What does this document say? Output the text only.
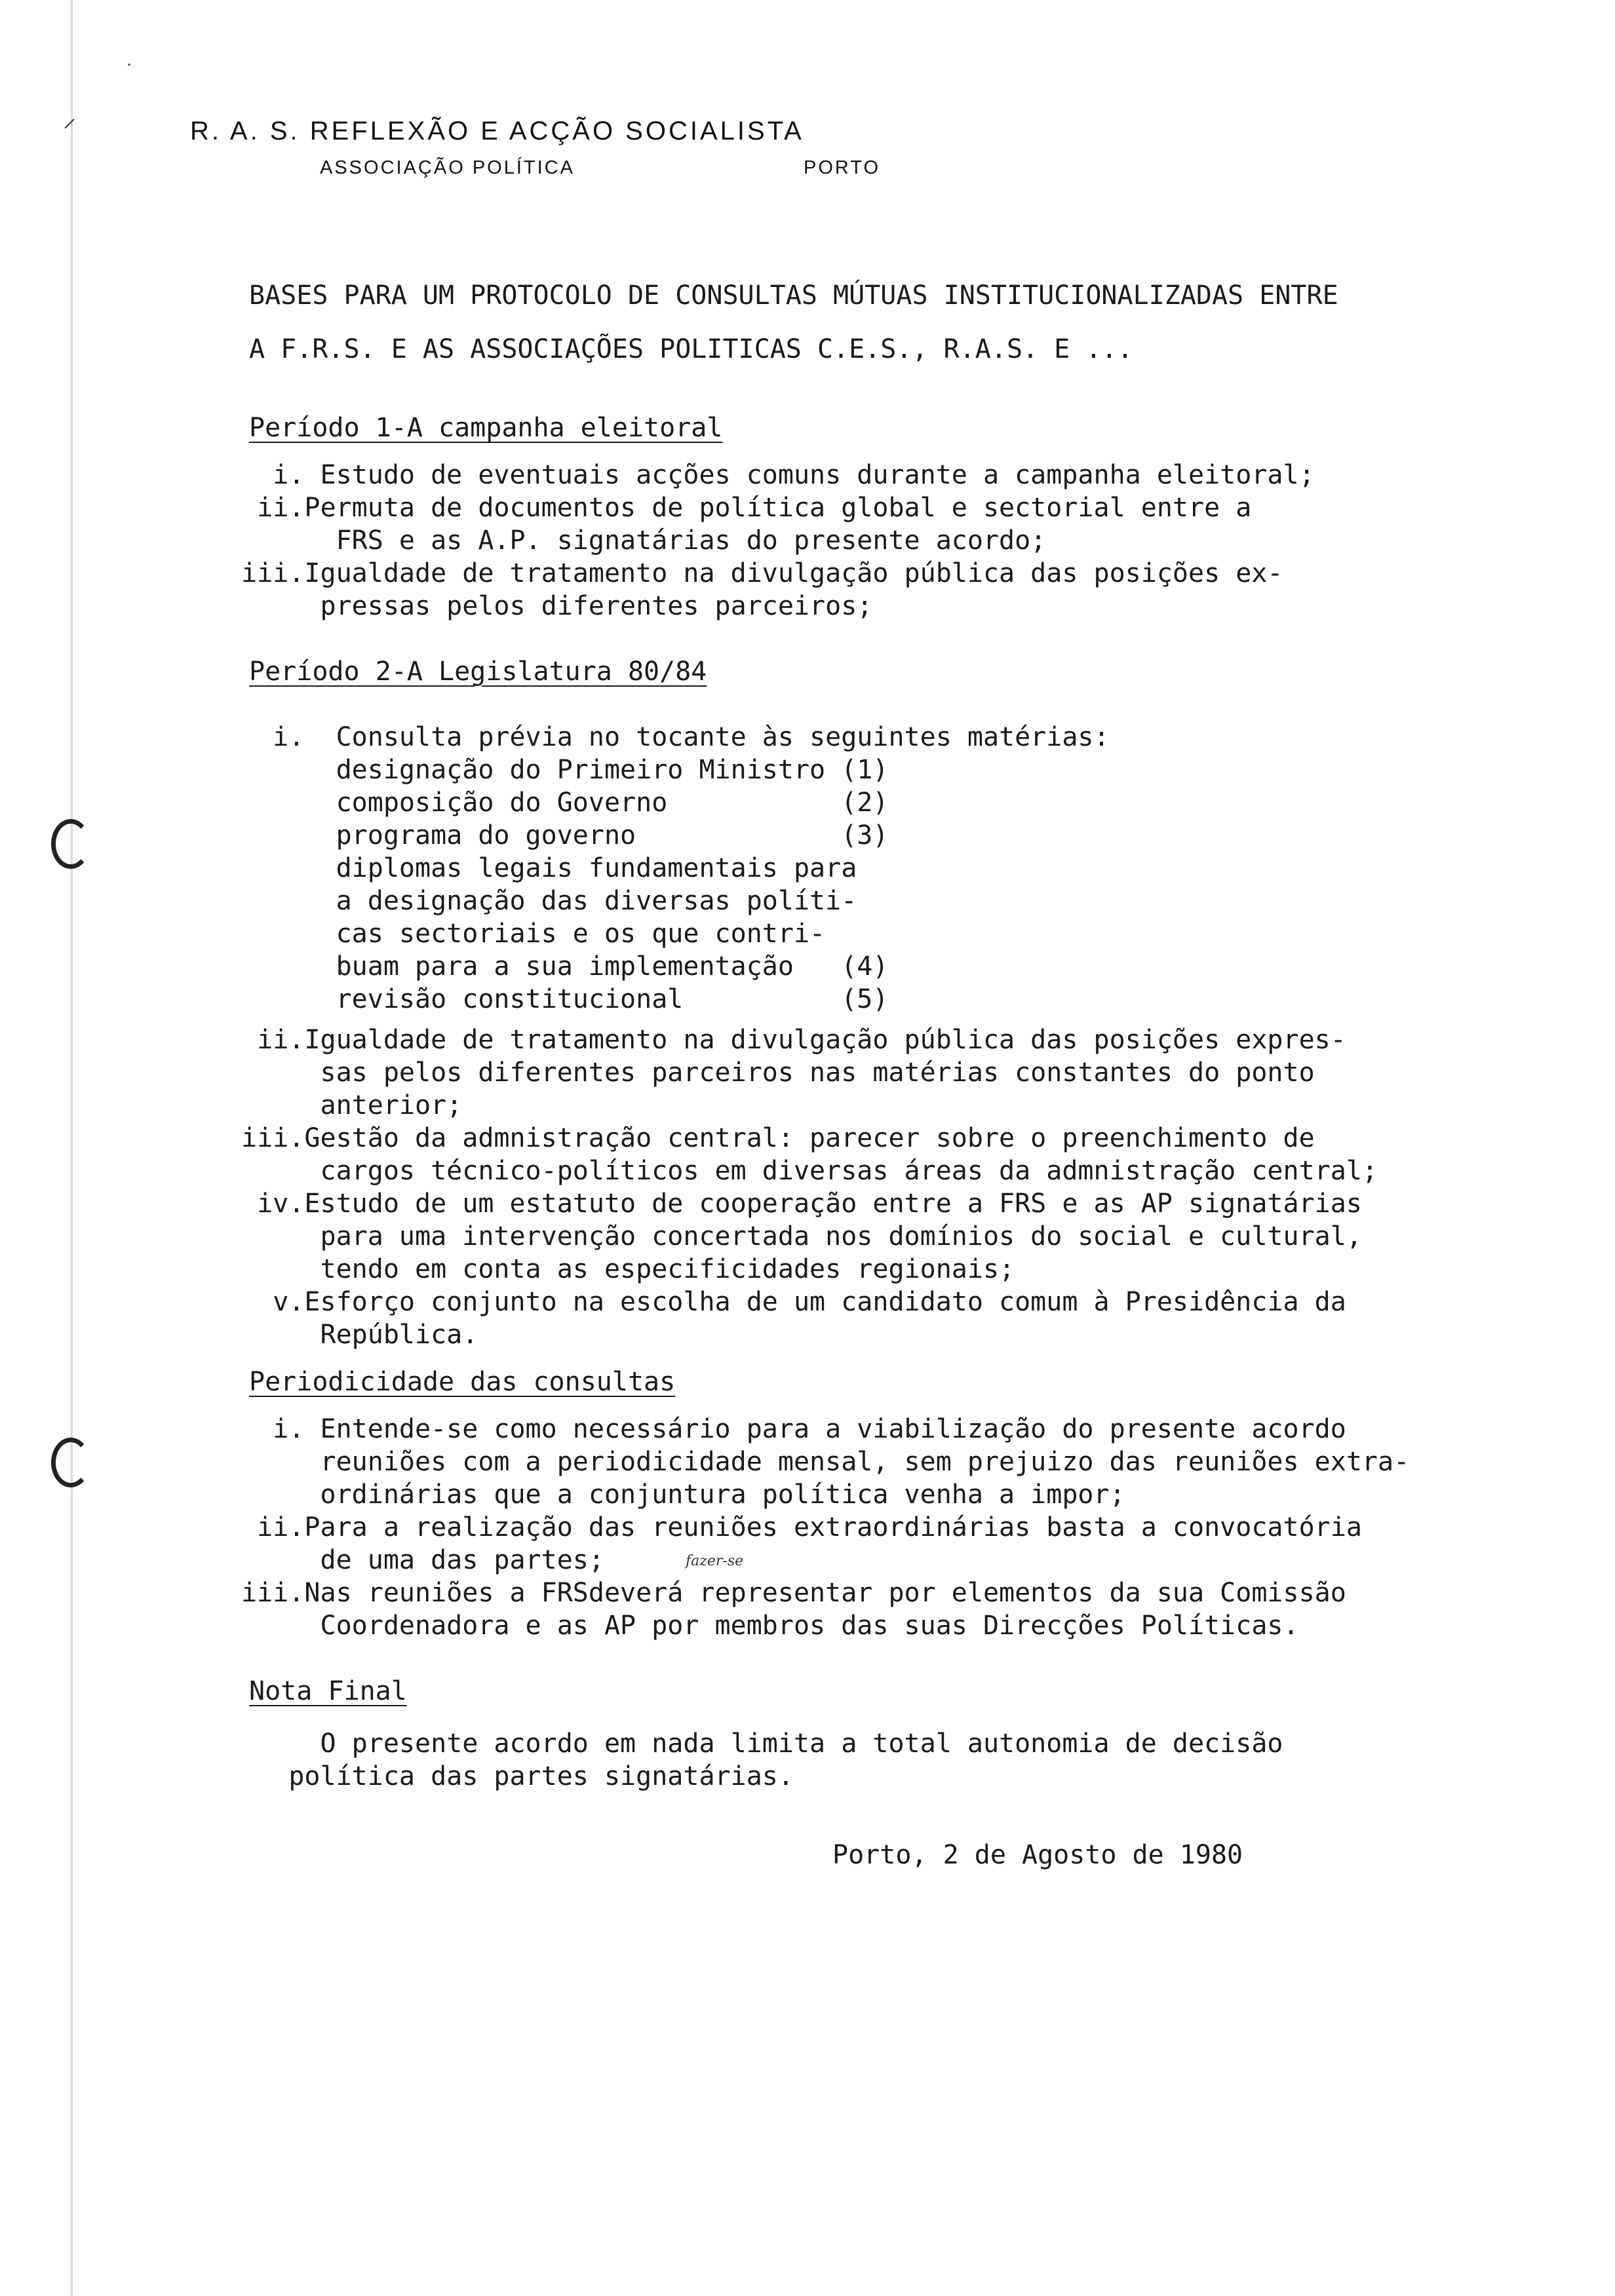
⸝
˙
R. A. S. REFLEXÃO E ACÇÃO SOCIALISTA
ASSOCIAÇÃO POLÍTICA	PORTO
BASES PARA UM PROTOCOLO DE CONSULTAS MÚTUAS INSTITUCIONALIZADAS ENTRE
A F.R.S. E AS ASSOCIAÇÕES POLITICAS C.E.S., R.A.S. E ...
Período 1-A campanha eleitoral
i. Estudo de eventuais acções comuns durante a campanha eleitoral;
ii.Permuta de documentos de política global e sectorial entre a
FRS e as A.P. signatárias do presente acordo;
iii.Igualdade de tratamento na divulgação pública das posições ex-
pressas pelos diferentes parceiros;
Período 2-A Legislatura 80/84
i.  Consulta prévia no tocante às seguintes matérias:
designação do Primeiro Ministro (1)
composição do Governo           (2)
programa do governo             (3)
diplomas legais fundamentais para
a designação das diversas políti-
cas sectoriais e os que contri-
buam para a sua implementação   (4)
revisão constitucional          (5)
ii.Igualdade de tratamento na divulgação pública das posições expres-
sas pelos diferentes parceiros nas matérias constantes do ponto
anterior;
iii.Gestão da admnistração central: parecer sobre o preenchimento de
cargos técnico-políticos em diversas áreas da admnistração central;
iv.Estudo de um estatuto de cooperação entre a FRS e as AP signatárias
para uma intervenção concertada nos domínios do social e cultural,
tendo em conta as especificidades regionais;
v.Esforço conjunto na escolha de um candidato comum à Presidência da
República.
Periodicidade das consultas
i. Entende-se como necessário para a viabilização do presente acordo
reuniões com a periodicidade mensal, sem prejuizo das reuniões extra-
ordinárias que a conjuntura política venha a impor;
ii.Para a realização das reuniões extraordinárias basta a convocatória
de uma das partes;	fazer-se
iii.Nas reuniões a FRSdeverá representar por elementos da sua Comissão
Coordenadora e as AP por membros das suas Direcções Políticas.
Nota Final
O presente acordo em nada limita a total autonomia de decisão
política das partes signatárias.
Porto, 2 de Agosto de 1980
